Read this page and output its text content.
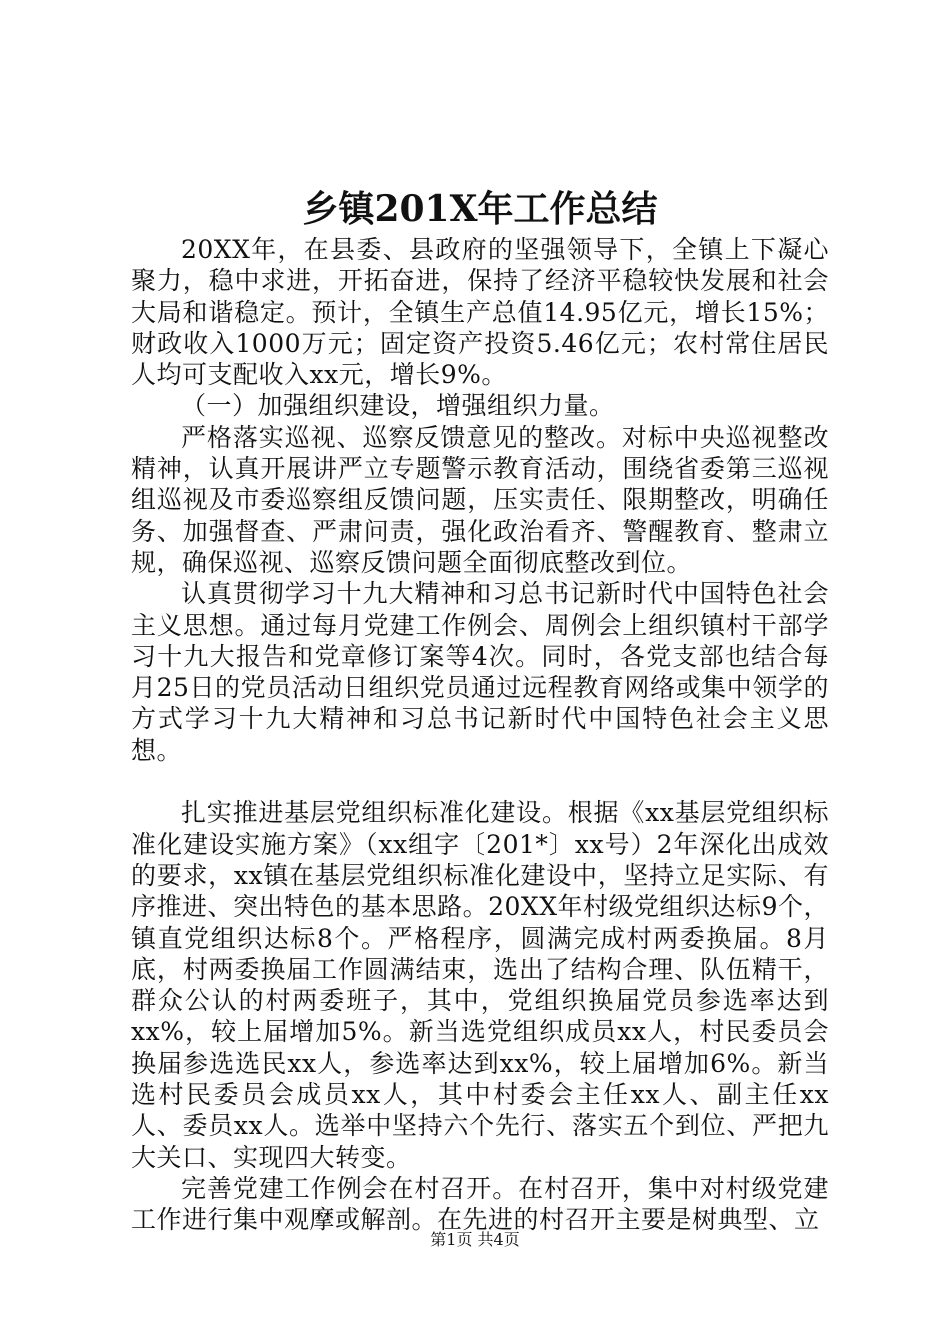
乡镇201X年工作总结

20XX年，在县委、县政府的坚强领导下，全镇上下凝心聚力，稳中求进，开拓奋进，保持了经济平稳较快发展和社会大局和谐稳定。预计，全镇生产总值14.95亿元，增长15%；财政收入1000万元；固定资产投资5.46亿元；农村常住居民人均可支配收入xx元，增长9%。

（一）加强组织建设，增强组织力量。

严格落实巡视、巡察反馈意见的整改。对标中央巡视整改精神，认真开展讲严立专题警示教育活动，围绕省委第三巡视组巡视及市委巡察组反馈问题，压实责任、限期整改，明确任务、加强督查、严肃问责，强化政治看齐、警醒教育、整肃立规，确保巡视、巡察反馈问题全面彻底整改到位。

认真贯彻学习十九大精神和习总书记新时代中国特色社会主义思想。通过每月党建工作例会、周例会上组织镇村干部学习十九大报告和党章修订案等4次。同时，各党支部也结合每月25日的党员活动日组织党员通过远程教育网络或集中领学的方式学习十九大精神和习总书记新时代中国特色社会主义思想。

扎实推进基层党组织标准化建设。根据《xx基层党组织标准化建设实施方案》（xx组字〔201*〕xx号）2年深化出成效的要求，xx镇在基层党组织标准化建设中，坚持立足实际、有序推进、突出特色的基本思路。20XX年村级党组织达标9个，镇直党组织达标8个。严格程序，圆满完成村两委换届。8月底，村两委换届工作圆满结束，选出了结构合理、队伍精干，群众公认的村两委班子，其中，党组织换届党员参选率达到xx%，较上届增加5%。新当选党组织成员xx人，村民委员会换届参选选民xx人，参选率达到xx%，较上届增加6%。新当选村民委员会成员xx人，其中村委会主任xx人、副主任xx人、委员xx人。选举中坚持六个先行、落实五个到位、严把九大关口、实现四大转变。

完善党建工作例会在村召开。在村召开，集中对村级党建工作进行集中观摩或解剖。在先进的村召开主要是树典型、立

第1页 共4页
